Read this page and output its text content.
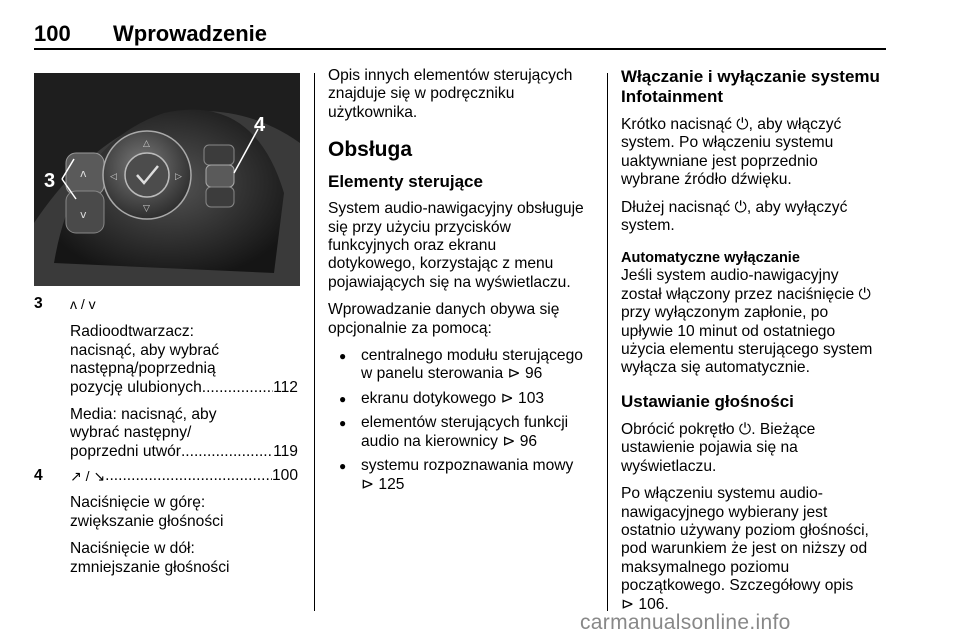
100 Wprowadzenie
ʌ
v
△
▽
◁	▷
3
4
3 ʌ / v
Radioodtwarzacz:
nacisnąć, aby wybrać
następną/poprzednią
pozycję ulubionych .....	112
Media: nacisnąć, aby
wybrać następny/
poprzedni utwór .....	119
4 ↗ / ↘ .....	100
Naciśnięcie w górę:
zwiększanie głośności
Naciśnięcie w dół:
zmniejszanie głośności
Opis innych elementów sterujących
znajduje się w podręczniku
użytkownika.
Obsługa
Elementy sterujące
System audio-nawigacyjny obsługuje
się przy użyciu przycisków
funkcyjnych oraz ekranu
dotykowego, korzystając z menu
pojawiających się na wyświetlaczu.
Wprowadzanie danych obywa się
opcjonalnie za pomocą:
● centralnego modułu sterującego
w panelu sterowania ⊳ 96
● ekranu dotykowego ⊳ 103
● elementów sterujących funkcji
audio na kierownicy ⊳ 96
● systemu rozpoznawania mowy
⊳ 125
Włączanie i wyłączanie systemu
Infotainment
Krótko nacisnąć ⏻, aby włączyć
system. Po włączeniu systemu
uaktywniane jest poprzednio
wybrane źródło dźwięku.
Dłużej nacisnąć ⏻, aby wyłączyć
system.
Automatyczne wyłączanie
Jeśli system audio-nawigacyjny
został włączony przez naciśnięcie ⏻
przy wyłączonym zapłonie, po
upływie 10 minut od ostatniego
użycia elementu sterującego system
wyłącza się automatycznie.
Ustawianie głośności
Obrócić pokrętło ⏻. Bieżące
ustawienie pojawia się na
wyświetlaczu.
Po włączeniu systemu audio-
nawigacyjnego wybierany jest
ostatnio używany poziom głośności,
pod warunkiem że jest on niższy od
maksymalnego poziomu
początkowego. Szczegółowy opis
⊳ 106.
carmanualsonline.info
